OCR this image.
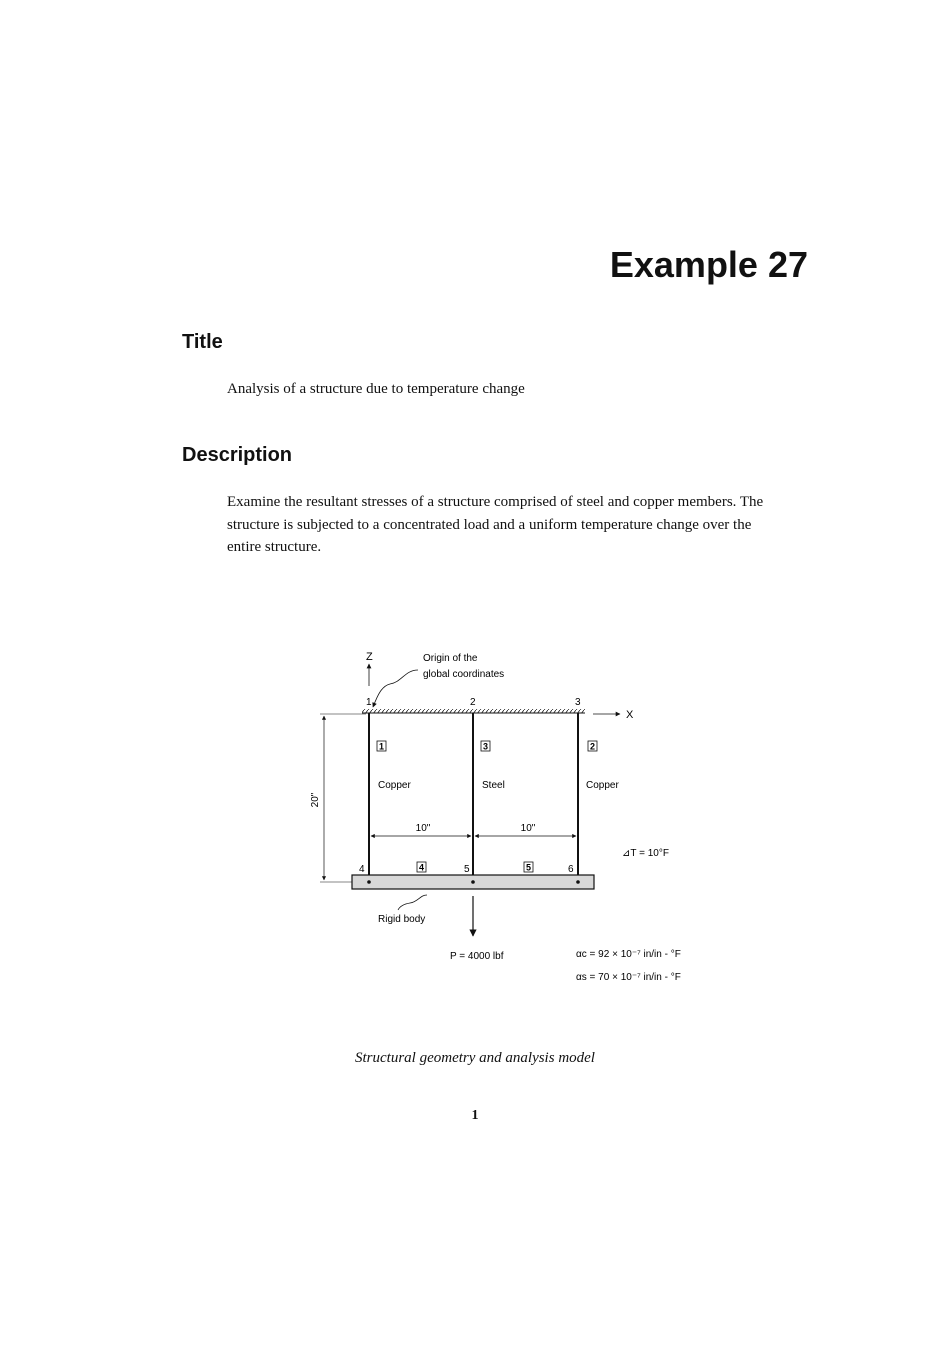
Example 27
Title

Analysis of a structure due to temperature change

Description

Examine the resultant stresses of a structure comprised of steel and copper members. The structure is subjected to a concentrated load and a uniform temperature change over the entire structure.

Z	Origin of the
global coordinates
X
1	2	3
1	3	2
Copper	Steel	Copper
20"
10"	10"
⊿T = 10°F
4	5	6
4	5
Rigid body
P = 4000 lbf	αc = 92 × 10⁻⁷ in/in - °F
αs = 70 × 10⁻⁷ in/in - °F

Structural geometry and analysis model

1
